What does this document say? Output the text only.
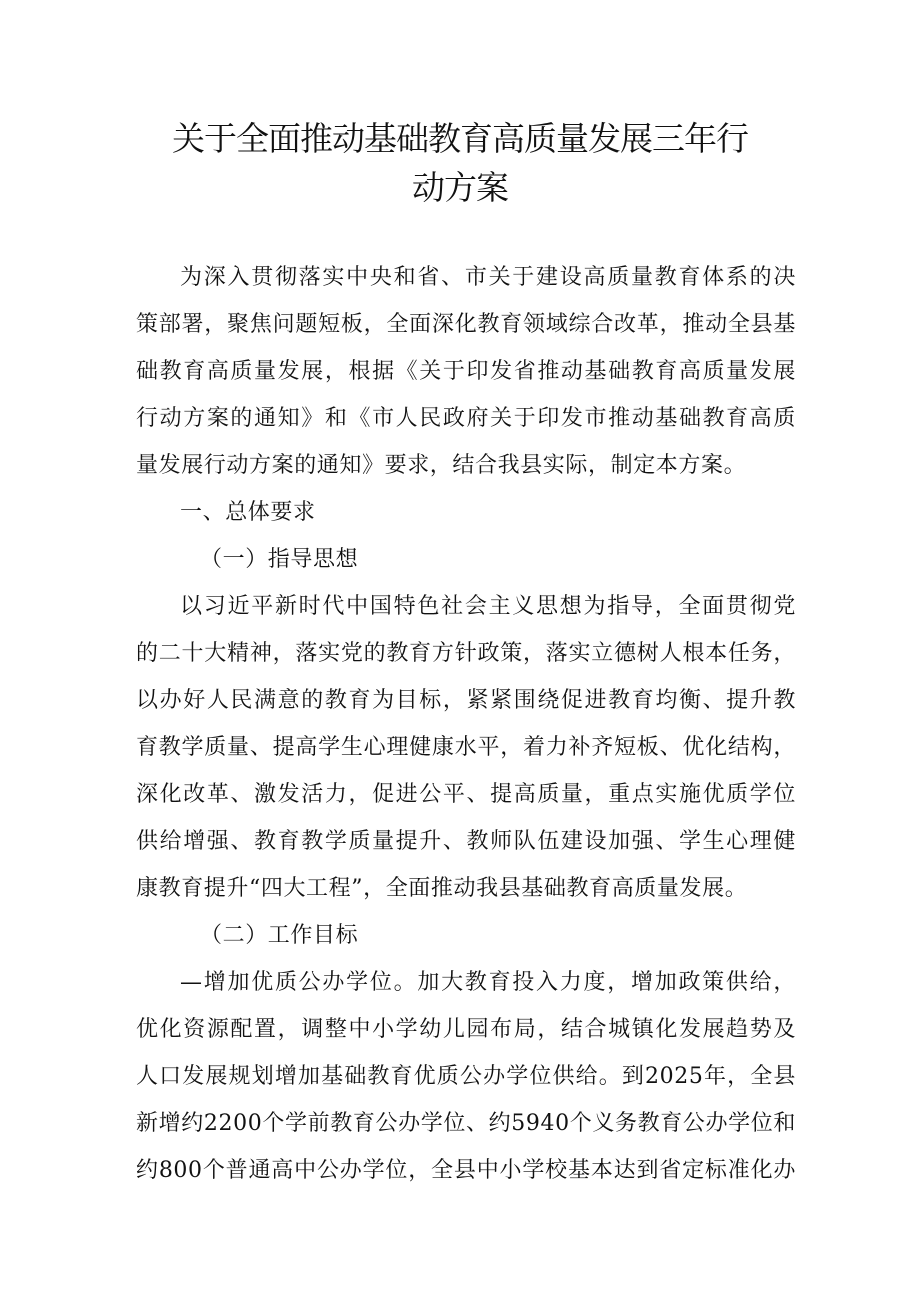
关于全面推动基础教育高质量发展三年行
动方案
为深入贯彻落实中央和省、市关于建设高质量教育体系的决
策部署，聚焦问题短板，全面深化教育领域综合改革，推动全县基
础教育高质量发展，根据《关于印发省推动基础教育高质量发展
行动方案的通知》和《市人民政府关于印发市推动基础教育高质
量发展行动方案的通知》要求，结合我县实际，制定本方案。
一、总体要求
（一）指导思想
以习近平新时代中国特色社会主义思想为指导，全面贯彻党
的二十大精神，落实党的教育方针政策，落实立德树人根本任务，
以办好人民满意的教育为目标，紧紧围绕促进教育均衡、提升教
育教学质量、提高学生心理健康水平，着力补齐短板、优化结构，
深化改革、激发活力，促进公平、提高质量，重点实施优质学位
供给增强、教育教学质量提升、教师队伍建设加强、学生心理健
康教育提升“四大工程”，全面推动我县基础教育高质量发展。
（二）工作目标
—增加优质公办学位。加大教育投入力度，增加政策供给，
优化资源配置，调整中小学幼儿园布局，结合城镇化发展趋势及
人口发展规划增加基础教育优质公办学位供给。到2025年，全县
新增约2200个学前教育公办学位、约5940个义务教育公办学位和
约800个普通高中公办学位，全县中小学校基本达到省定标准化办
